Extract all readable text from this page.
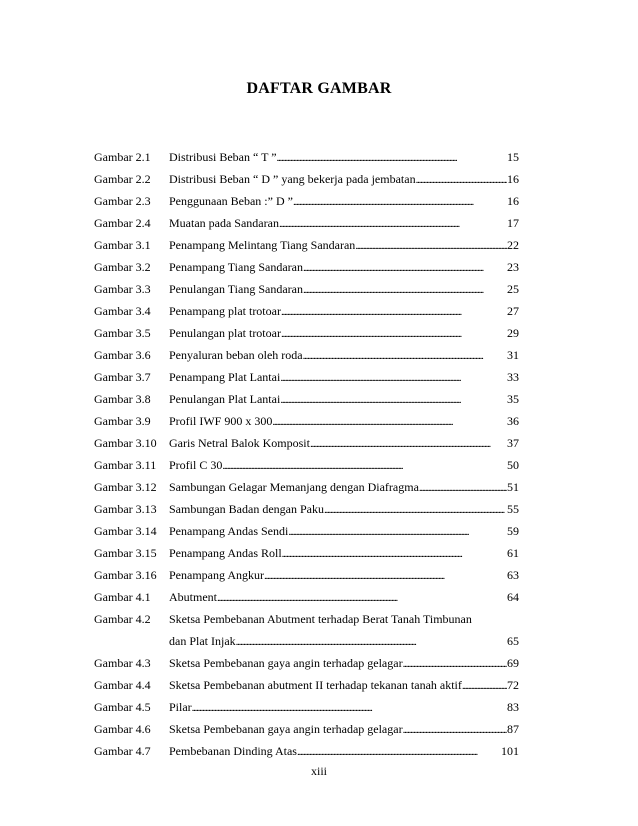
DAFTAR GAMBAR
Gambar 2.1	Distribusi Beban “ T ” . . .	15
Gambar 2.2	Distribusi Beban “ D ” yang bekerja pada jembatan . . .	16
Gambar 2.3	Penggunaan Beban :” D ” . . .	16
Gambar 2.4	Muatan pada Sandaran . . .	17
Gambar 3.1	Penampang Melintang Tiang Sandaran . . .	22
Gambar 3.2	Penampang Tiang Sandaran . . .	23
Gambar 3.3	Penulangan Tiang Sandaran . . .	25
Gambar 3.4	Penampang plat trotoar . . .	27
Gambar 3.5	Penulangan plat trotoar . . .	29
Gambar 3.6	Penyaluran beban oleh roda . . .	31
Gambar 3.7	Penampang Plat Lantai . . .	33
Gambar 3.8	Penulangan Plat Lantai . . .	35
Gambar 3.9	Profil IWF 900 x 300 . . .	36
Gambar 3.10	Garis Netral Balok Komposit . . .	37
Gambar 3.11	Profil C 30 . . .	50
Gambar 3.12	Sambungan Gelagar Memanjang dengan Diafragma . . .	51
Gambar 3.13	Sambungan Badan dengan Paku . . .	55
Gambar 3.14	Penampang Andas Sendi . . .	59
Gambar 3.15	Penampang Andas Roll . . .	61
Gambar 3.16	Penampang Angkur . . .	63
Gambar 4.1	Abutment . . .	64
Gambar 4.2	Sketsa Pembebanan Abutment terhadap Berat Tanah Timbunan
dan Plat Injak . . .	65
Gambar 4.3	Sketsa Pembebanan gaya angin terhadap gelagar . . .	69
Gambar 4.4	Sketsa Pembebanan abutment II terhadap tekanan tanah aktif . . .	72
Gambar 4.5	Pilar . . .	83
Gambar 4.6	Sketsa Pembebanan gaya angin terhadap gelagar . . .	87
Gambar 4.7	Pembebanan Dinding Atas . . .	101
xiii
